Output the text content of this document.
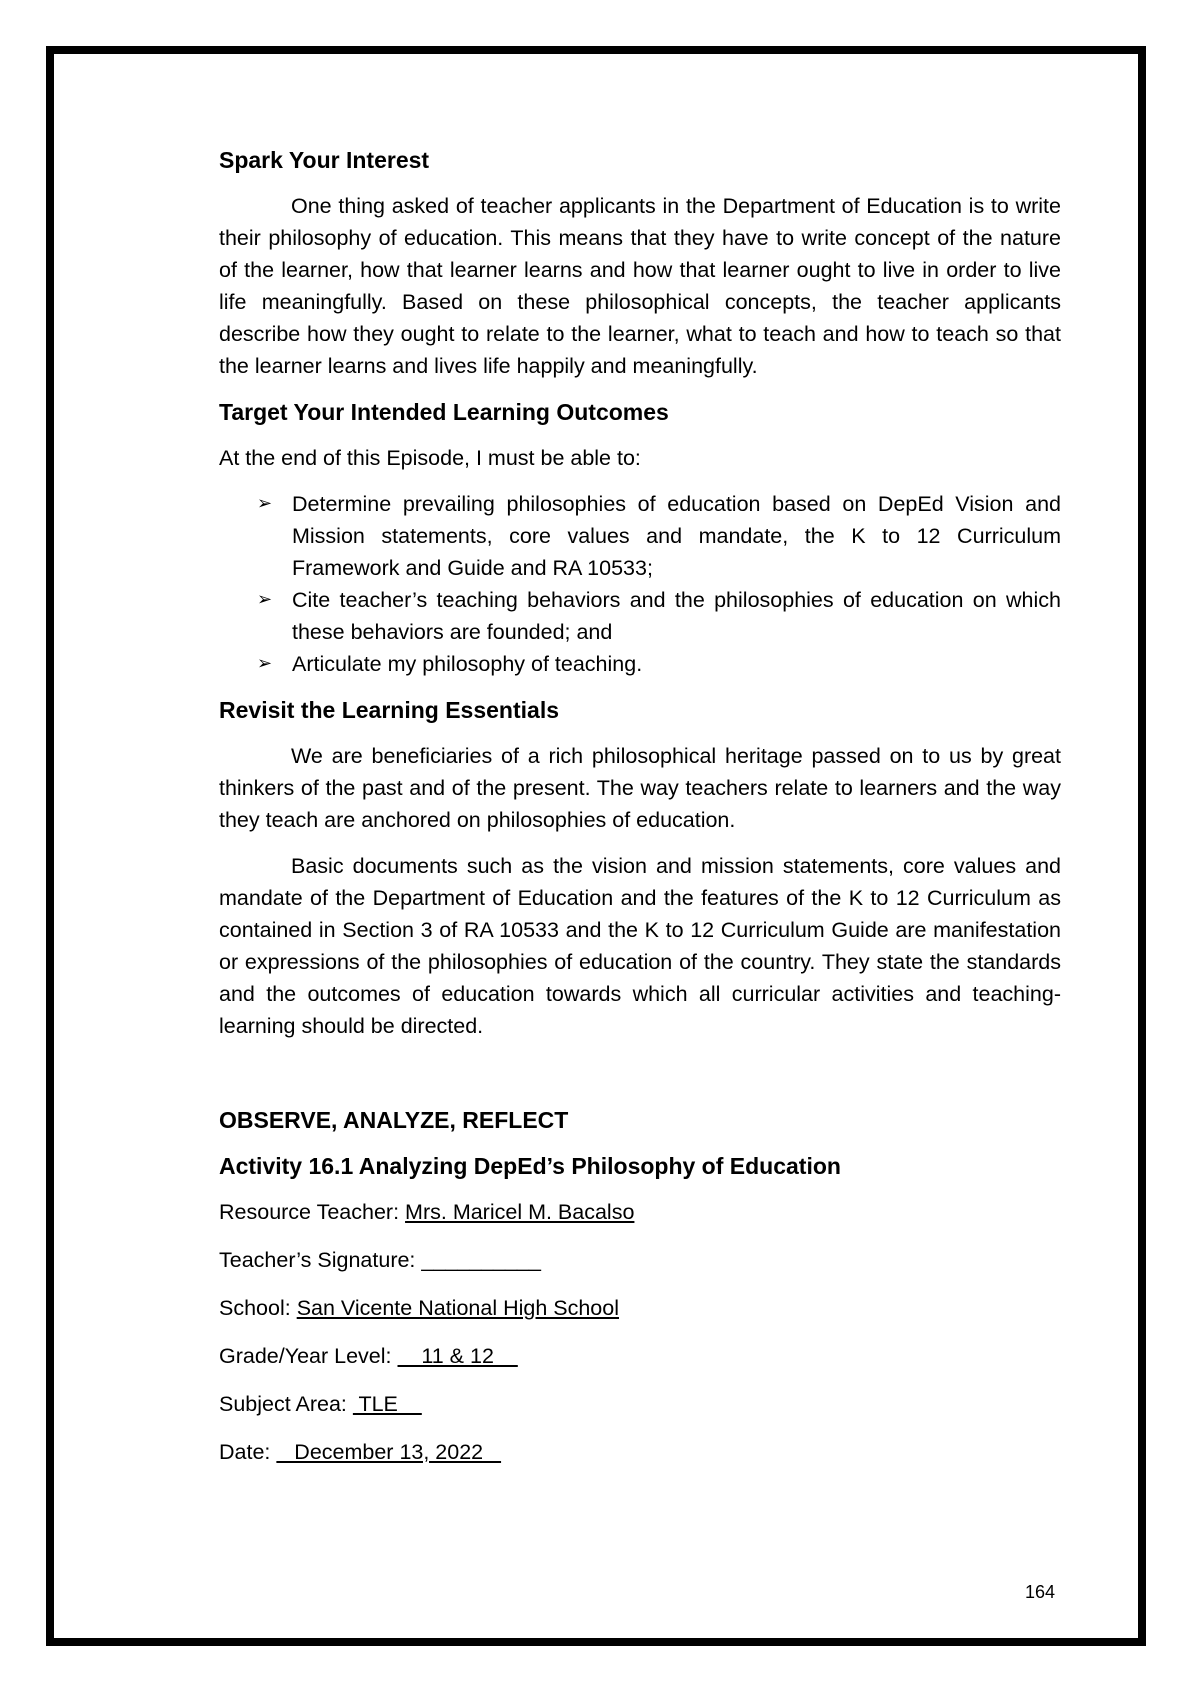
Spark Your Interest

One thing asked of teacher applicants in the Department of Education is to write their philosophy of education. This means that they have to write concept of the nature of the learner, how that learner learns and how that learner ought to live in order to live life meaningfully. Based on these philosophical concepts, the teacher applicants describe how they ought to relate to the learner, what to teach and how to teach so that the learner learns and lives life happily and meaningfully.

Target Your Intended Learning Outcomes

At the end of this Episode, I must be able to:

➢ Determine prevailing philosophies of education based on DepEd Vision and Mission statements, core values and mandate, the K to 12 Curriculum Framework and Guide and RA 10533;
➢ Cite teacher’s teaching behaviors and the philosophies of education on which these behaviors are founded; and
➢ Articulate my philosophy of teaching.
Revisit the Learning Essentials

We are beneficiaries of a rich philosophical heritage passed on to us by great thinkers of the past and of the present. The way teachers relate to learners and the way they teach are anchored on philosophies of education.

Basic documents such as the vision and mission statements, core values and mandate of the Department of Education and the features of the K to 12 Curriculum as contained in Section 3 of RA 10533 and the K to 12 Curriculum Guide are manifestation or expressions of the philosophies of education of the country. They state the standards and the outcomes of education towards which all curricular activities and teaching-learning should be directed.

OBSERVE, ANALYZE, REFLECT
Activity 16.1 Analyzing DepEd’s Philosophy of Education
Resource Teacher: Mrs. Maricel M. Bacalso
Teacher’s Signature: __________
School: San Vicente National High School
Grade/Year Level:     11 & 12
Subject Area:  TLE
Date:    December 13, 2022
164
